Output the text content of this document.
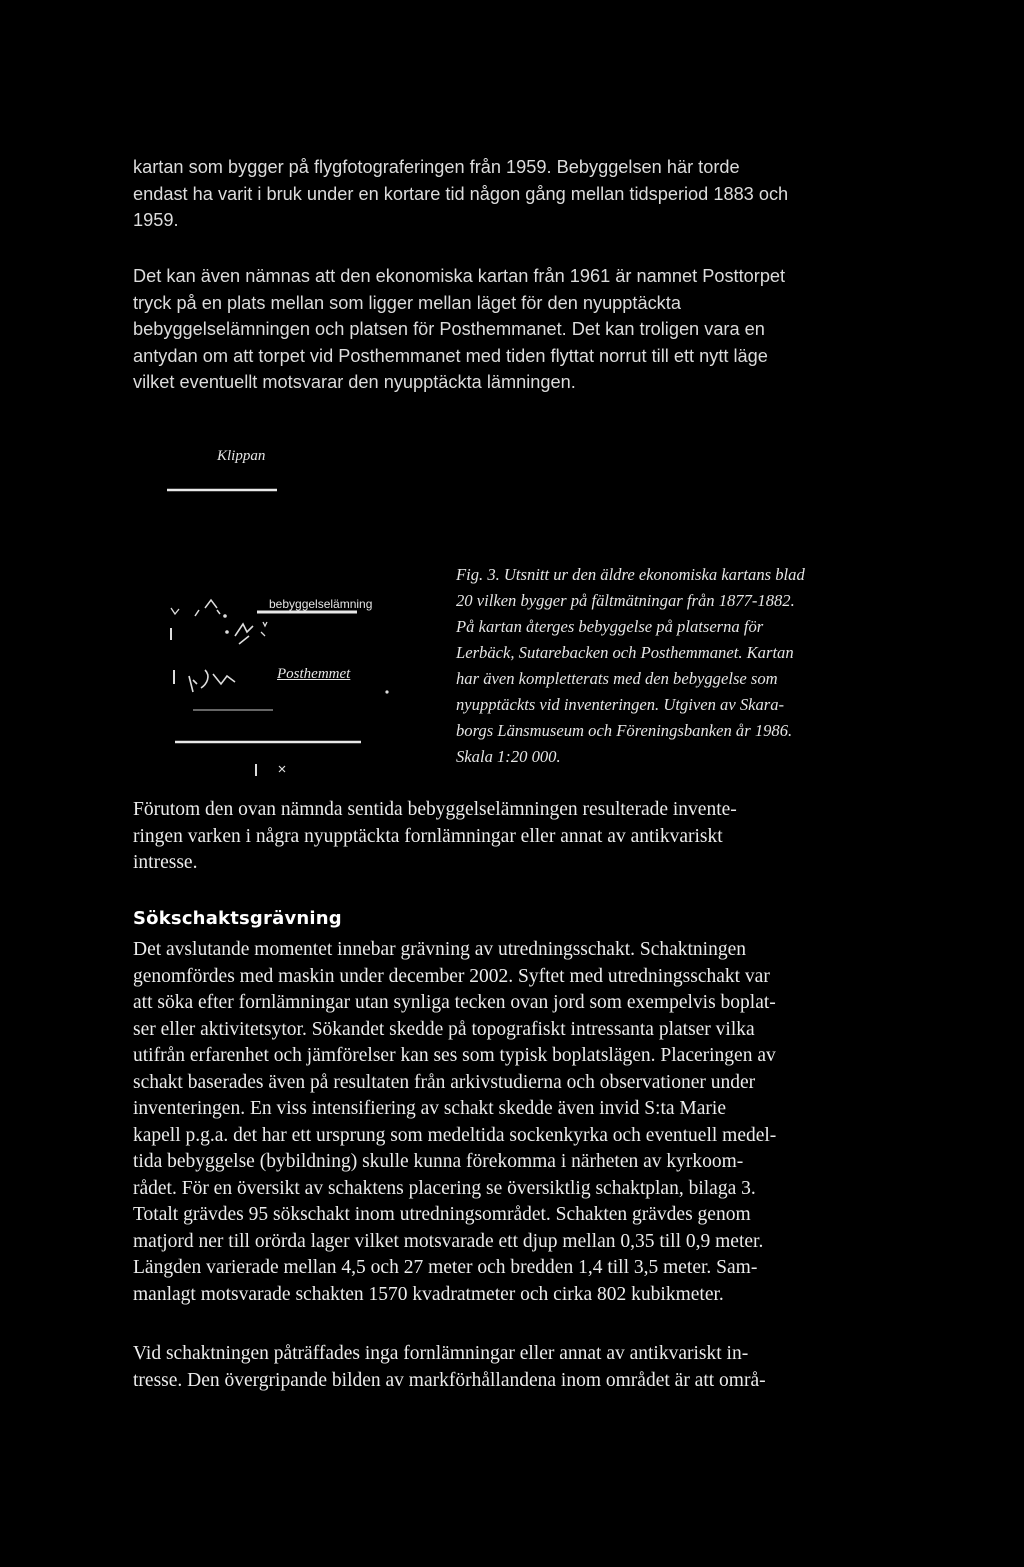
kartan som bygger på flygfotograferingen från 1959. Bebyggelsen här torde
endast ha varit i bruk under en kortare tid någon gång mellan tidsperiod 1883 och
1959.

Det kan även nämnas att den ekonomiska kartan från 1961 är namnet Posttorpet
tryck på en plats mellan som ligger mellan läget för den nyupptäckta
bebyggelselämningen och platsen för Posthemmanet. Det kan troligen vara en
antydan om att torpet vid Posthemmanet med tiden flyttat norrut till ett nytt läge
vilket eventuellt motsvarar den nyupptäckta lämningen.

Klippan
bebyggelselämning
Posthemmet

Fig. 3. Utsnitt ur den äldre ekonomiska kartans blad
20 vilken bygger på fältmätningar från 1877-1882.
På kartan återges bebyggelse på platserna för
Lerbäck, Sutarebacken och Posthemmanet. Kartan
har även kompletterats med den bebyggelse som
nyupptäckts vid inventeringen. Utgiven av Skara-
borgs Länsmuseum och Föreningsbanken år 1986.
Skala 1:20 000.

Förutom den ovan nämnda sentida bebyggelselämningen resulterade invente-
ringen varken i några nyupptäckta fornlämningar eller annat av antikvariskt
intresse.

Sökschaktsgrävning

Det avslutande momentet innebar grävning av utredningsschakt. Schaktningen
genomfördes med maskin under december 2002. Syftet med utredningsschakt var
att söka efter fornlämningar utan synliga tecken ovan jord som exempelvis boplat-
ser eller aktivitetsytor. Sökandet skedde på topografiskt intressanta platser vilka
utifrån erfarenhet och jämförelser kan ses som typisk boplatslägen. Placeringen av
schakt baserades även på resultaten från arkivstudierna och observationer under
inventeringen. En viss intensifiering av schakt skedde även invid S:ta Marie
kapell p.g.a. det har ett ursprung som medeltida sockenkyrka och eventuell medel-
tida bebyggelse (bybildning) skulle kunna förekomma i närheten av kyrkoom-
rådet. För en översikt av schaktens placering se översiktlig schaktplan, bilaga 3.
Totalt grävdes 95 sökschakt inom utredningsområdet. Schakten grävdes genom
matjord ner till orörda lager vilket motsvarade ett djup mellan 0,35 till 0,9 meter.
Längden varierade mellan 4,5 och 27 meter och bredden 1,4 till 3,5 meter. Sam-
manlagt motsvarade schakten 1570 kvadratmeter och cirka 802 kubikmeter.

Vid schaktningen påträffades inga fornlämningar eller annat av antikvariskt in-
tresse. Den övergripande bilden av markförhållandena inom området är att områ-
